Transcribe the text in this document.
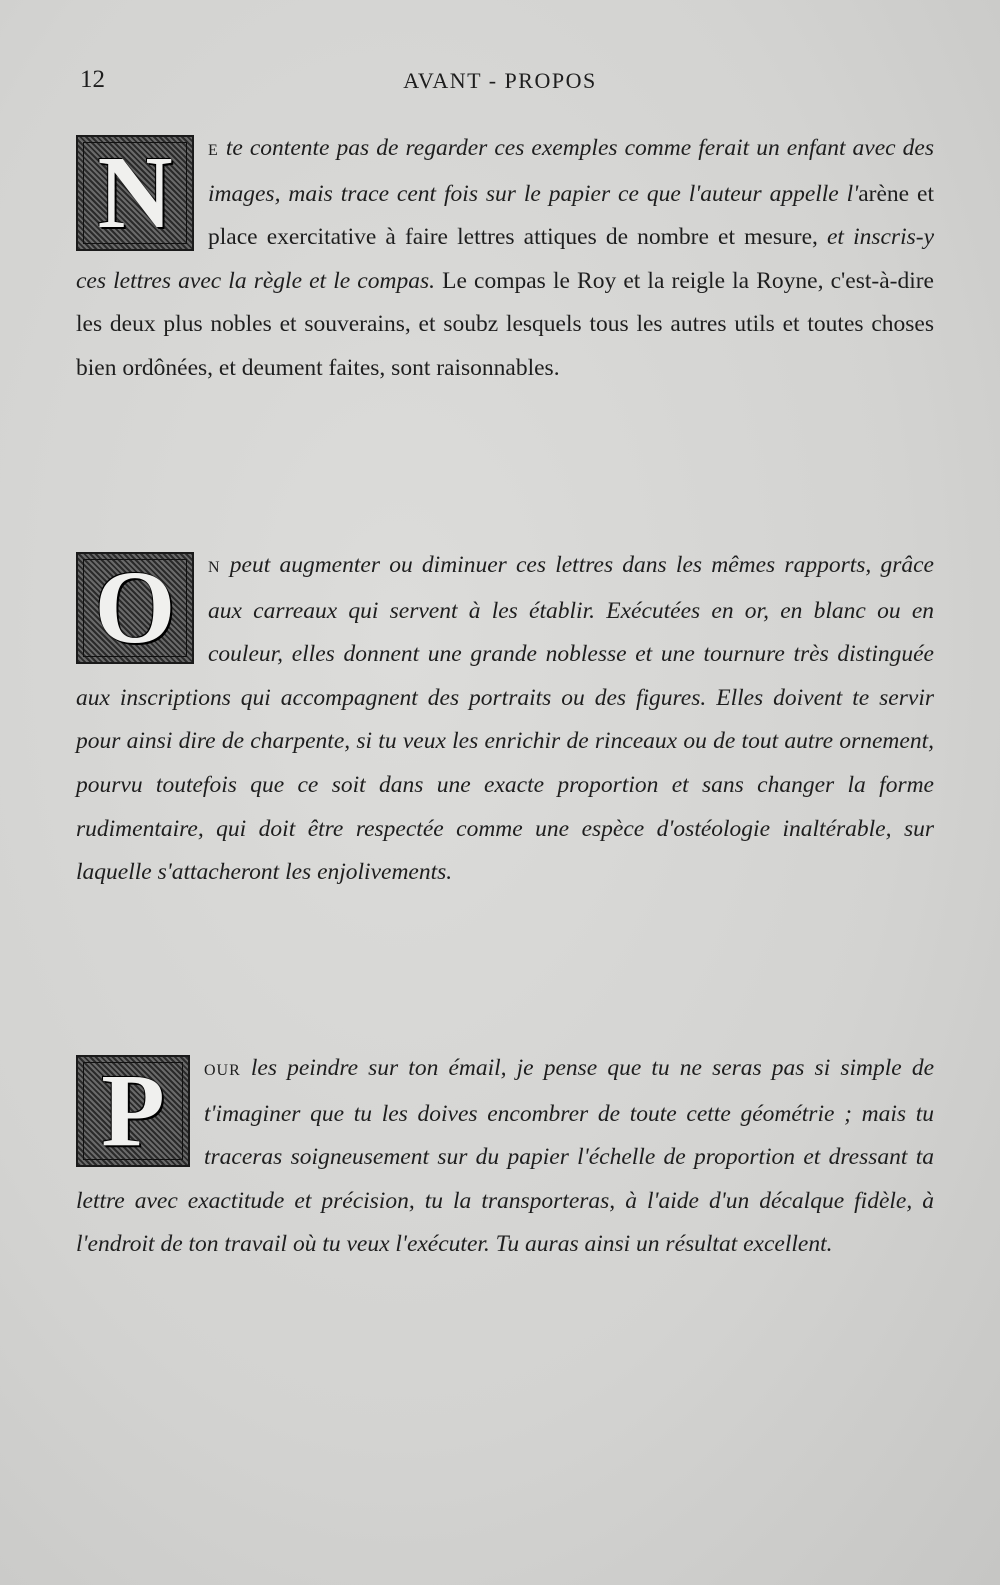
12	AVANT - PROPOS
N	E te contente pas de regarder ces exemples comme ferait un enfant avec des images, mais trace cent fois sur le papier ce que l'auteur appelle l'arène et place exercitative à faire lettres attiques de nombre et mesure, et inscris-y ces lettres avec la règle et le compas. Le compas le Roy et la reigle la Royne, c'est-à-dire les deux plus nobles et souverains, et soubz lesquels tous les autres utils et toutes choses bien ordônées, et deument faites, sont raisonnables.
O	N peut augmenter ou diminuer ces lettres dans les mêmes rapports, grâce aux carreaux qui servent à les établir. Exécutées en or, en blanc ou en couleur, elles donnent une grande noblesse et une tournure très distinguée aux inscriptions qui accompagnent des portraits ou des figures. Elles doivent te servir pour ainsi dire de charpente, si tu veux les enrichir de rinceaux ou de tout autre ornement, pourvu toutefois que ce soit dans une exacte proportion et sans changer la forme rudimentaire, qui doit être respectée comme une espèce d'ostéologie inaltérable, sur laquelle s'attacheront les enjolivements.
P	OUR les peindre sur ton émail, je pense que tu ne seras pas si simple de t'imaginer que tu les doives encombrer de toute cette géométrie ; mais tu traceras soigneusement sur du papier l'échelle de proportion et dressant ta lettre avec exactitude et précision, tu la transporteras, à l'aide d'un décalque fidèle, à l'endroit de ton travail où tu veux l'exécuter. Tu auras ainsi un résultat excellent.
